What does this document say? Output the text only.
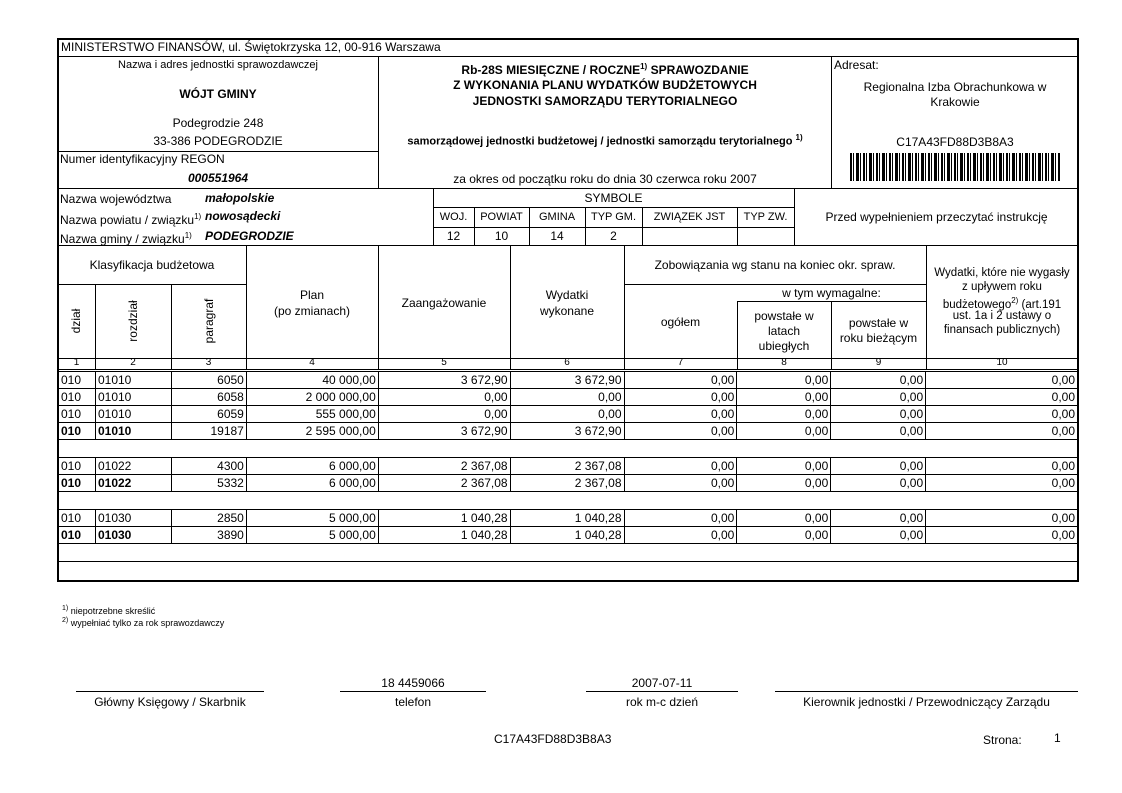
MINISTERSTWO FINANSÓW, ul. Świętokrzyska 12, 00-916 Warszawa
Nazwa i adres jednostki sprawozdawczej
WÓJT GMINY
Podegrodzie 248
33-386 PODEGRODZIE
Numer identyfikacyjny REGON
000551964
Rb-28S MIESIĘCZNE / ROCZNE$^{1)}$ SPRAWOZDANIE
Z WYKONANIA PLANU WYDATKÓW BUDŻETOWYCH
JEDNOSTKI SAMORZĄDU TERYTORIALNEGO
samorządowej jednostki budżetowej / jednostki samorządu terytorialnego $^{1)}$
za okres od początku roku do dnia 30 czerwca roku 2007
Adresat:
Regionalna Izba Obrachunkowa w
Krakowie
C17A43FD88D3B8A3
Nazwa województwa	małopolskie
Nazwa powiatu / związku$^{1)}$ nowosądecki
Nazwa gminy / związku$^{1)}$ PODEGRODZIE
SYMBOLE
WOJ.	POWIAT	GMINA	TYP GM.	ZWIĄZEK JST	TYP ZW.
12	10	14	2
Przed wypełnieniem przeczytać instrukcję
Klasyfikacja budżetowa
dział	rozdział	paragraf
Plan
(po zmianach)
Zaangażowanie
Wydatki
wykonane
Zobowiązania wg stanu na koniec okr. spraw.
w tym wymagalne:
ogółem	powstałe w
latach
ubiegłych
powstałe w
roku bieżącym
Wydatki, które nie wygasły
z upływem roku
budżetowego$^{2)}$ (art.191
ust. 1a i 2 ustawy o
finansach publicznych)
1	2	3	4	5	6	7	8	9	10
010	01010	6050	40 000,00	3 672,90	3 672,90	0,00	0,00	0,00	0,00
010	01010	6058	2 000 000,00	0,00	0,00	0,00	0,00	0,00	0,00
010	01010	6059	555 000,00	0,00	0,00	0,00	0,00	0,00	0,00
010	01010	19187	2 595 000,00	3 672,90	3 672,90	0,00	0,00	0,00	0,00

010	01022	4300	6 000,00	2 367,08	2 367,08	0,00	0,00	0,00	0,00
010	01022	5332	6 000,00	2 367,08	2 367,08	0,00	0,00	0,00	0,00

010	01030	2850	5 000,00	1 040,28	1 040,28	0,00	0,00	0,00	0,00
010	01030	3890	5 000,00	1 040,28	1 040,28	0,00	0,00	0,00	0,00

$^{1)}$ niepotrzebne skreślić
$^{2)}$ wypełniać tylko za rok sprawozdawczy
Główny Księgowy / Skarbnik
18 4459066
telefon
2007-07-11
rok m-c dzień	Kierownik jednostki / Przewodniczący Zarządu
C17A43FD88D3B8A3	Strona:	1
